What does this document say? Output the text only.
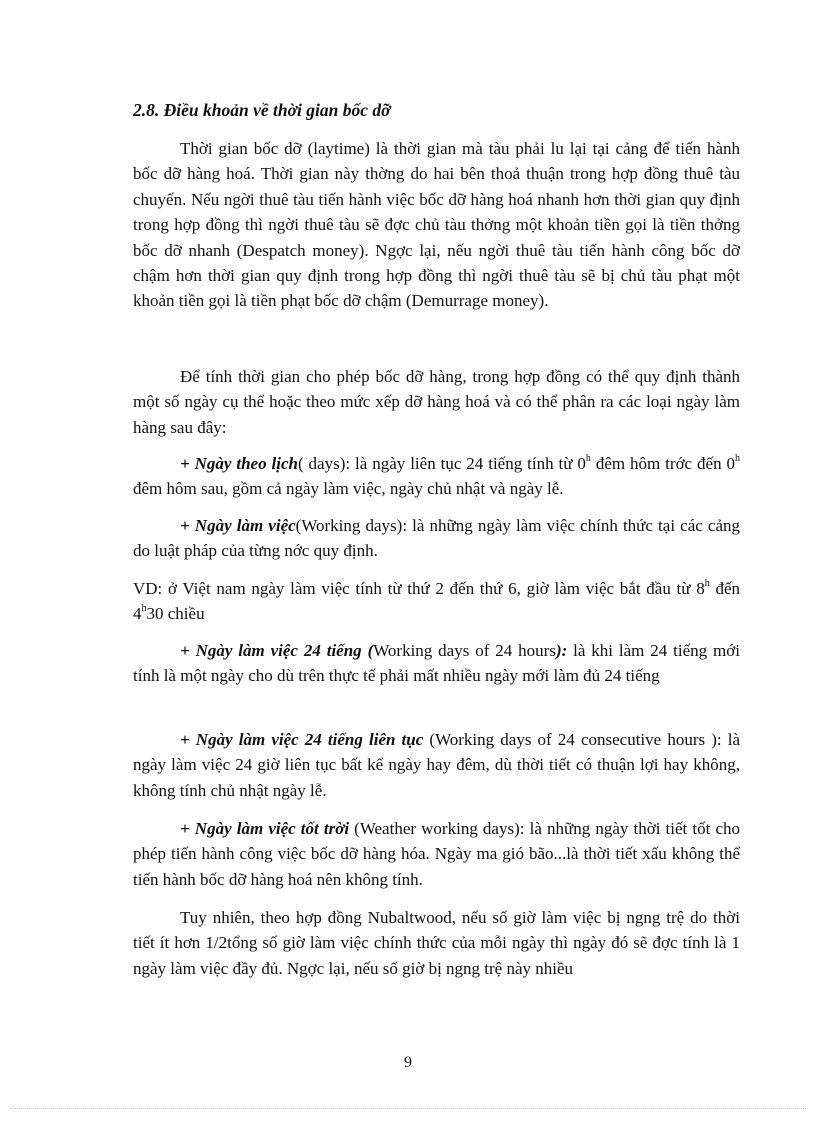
2.8. Điều khoản về thời gian bốc dỡ

Thời gian bốc dỡ (laytime) là thời gian mà tàu phải lu lại tại cảng để tiến hành bốc dỡ hàng hoá. Thời gian này thờng do hai bên thoả thuận trong hợp đồng thuê tàu chuyến. Nếu ngời thuê tàu tiến hành việc bốc dỡ hàng hoá nhanh hơn thời gian quy định trong hợp đồng thì ngời thuê tàu sẽ đợc chủ tàu thởng một khoản tiền gọi là tiền thởng bốc dỡ nhanh (Despatch money). Ngợc lại, nếu ngời thuê tàu tiến hành công bốc dỡ chậm hơn thời gian quy định trong hợp đồng thì ngời thuê tàu sẽ bị chủ tàu phạt một khoản tiền gọi là tiền phạt bốc dỡ chậm (Demurrage money).

Để tính thời gian cho phép bốc dỡ hàng, trong hợp đồng có thể quy định thành một số ngày cụ thể hoặc theo mức xếp dỡ hàng hoá và có thể phân ra các loại ngày làm hàng sau đây:

+ Ngày theo lịch( days): là ngày liên tục 24 tiếng tính từ 0$^h$ đêm hôm trớc đến 0$^h$ đêm hôm sau, gồm cả ngày làm việc, ngày chủ nhật và ngày lễ.

+ Ngày làm việc(Working days): là những ngày làm việc chính thức tại các cảng do luật pháp của từng nớc quy định.

VD: ở Việt nam ngày làm việc tính từ thứ 2 đến thứ 6, giờ làm việc bắt đầu từ 8$^h$ đến 4$^h$30 chiều

+ Ngày làm việc 24 tiếng (Working days of 24 hours): là khi làm 24 tiếng mới tính là một ngày cho dù trên thực tế phải mất nhiều ngày mới làm đủ 24 tiếng

+ Ngày làm việc 24 tiếng liên tục (Working days of 24 consecutive hours ): là ngày làm việc 24 giờ liên tục bất kể ngày hay đêm, dù thời tiết có thuận lợi hay không, không tính chủ nhật ngày lễ.

+ Ngày làm việc tốt trời (Weather working days): là những ngày thời tiết tốt cho phép tiến hành công việc bốc dỡ hàng hóa. Ngày ma gió bão...là thời tiết xấu không thể tiến hành bốc dỡ hàng hoá nên không tính.

Tuy nhiên, theo hợp đồng Nubaltwood, nếu số giờ làm việc bị ngng trệ do thời tiết ít hơn 1/2tổng số giờ làm việc chính thức của mỗi ngày thì ngày đó sẽ đợc tính là 1 ngày làm việc đầy đủ. Ngợc lại, nếu số giờ bị ngng trệ này nhiều

9
